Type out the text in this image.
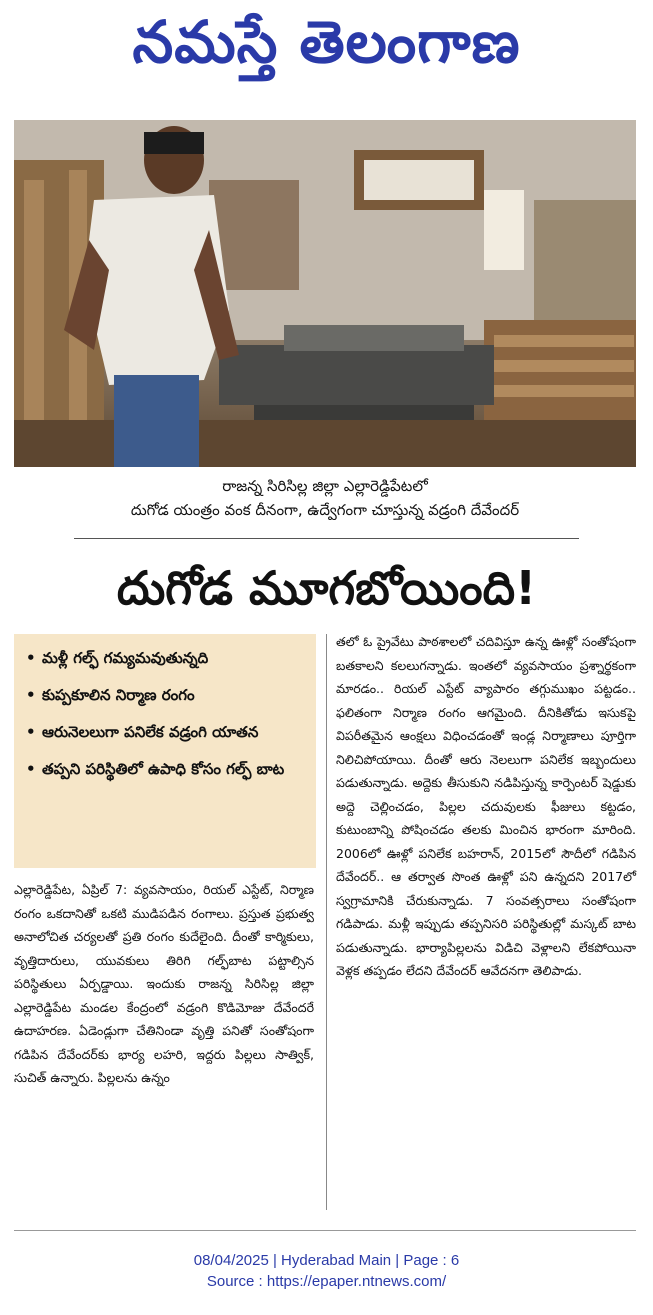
నమస్తే తెలంగాణ
రాజన్న సిరిసిల్ల జిల్లా ఎల్లారెడ్డిపేటలో
దుగోడ యంత్రం వంక దీనంగా, ఉద్వేగంగా చూస్తున్న వడ్రంగి దేవేందర్
దుగోడ మూగబోయింది!
• మళ్లీ గల్ఫ్ గమ్యమవుతున్నది
• కుప్పకూలిన నిర్మాణ రంగం
• ఆరునెలలుగా పనిలేక వడ్రంగి యాతన
• తప్పని పరిస్థితిలో ఉపాధి కోసం గల్ఫ్ బాట

ఎల్లారెడ్డిపేట, ఏప్రిల్ 7: వ్యవసాయం, రియల్ ఎస్టేట్, నిర్మాణ రంగం ఒకదానితో ఒకటి ముడిపడిన రంగాలు. ప్రస్తుత ప్రభుత్వ అనాలోచిత చర్యలతో ప్రతి రంగం కుదేలైంది. దీంతో కార్మికులు, వృత్తిదారులు, యువకులు తిరిగి గల్ఫ్‌బాట పట్టాల్సిన పరిస్థితులు ఏర్పడ్డాయి. ఇందుకు రాజన్న సిరిసిల్ల జిల్లా ఎల్లారెడ్డిపేట మండల కేంద్రంలో వడ్రంగి కొడిమోజు దేవేందరే ఉదాహరణ. ఏడెండ్లుగా చేతినిండా వృత్తి పనితో సంతోషంగా గడిపిన దేవేందర్‌కు భార్య లహరి, ఇద్దరు పిల్లలు సాత్విక్, సుచిత్ ఉన్నారు. పిల్లలను ఉన్నం

తలో ఓ ప్రైవేటు పాఠశాలలో చదివిస్తూ ఉన్న ఊళ్లో సంతోషంగా బతకాలని కలలుగన్నాడు. ఇంతలో వ్యవసాయం ప్రశ్నార్థకంగా మారడం.. రియల్ ఎస్టేట్ వ్యాపారం తగ్గుముఖం పట్టడం.. ఫలితంగా నిర్మాణ రంగం ఆగమైంది. దీనికితోడు ఇసుకపై విపరీతమైన ఆంక్షలు విధించడంతో ఇండ్ల నిర్మాణాలు పూర్తిగా నిలిచిపోయాయి. దీంతో ఆరు నెలలుగా పనిలేక ఇబ్బందులు పడుతున్నాడు. అద్దెకు తీసుకుని నడిపిస్తున్న కార్పెంటర్ షెడ్డుకు అద్దె చెల్లించడం, పిల్లల చదువులకు ఫీజులు కట్టడం, కుటుంబాన్ని పోషించడం తలకు మించిన భారంగా మారింది. 2006లో ఊళ్లో పనిలేక బహరాన్, 2015లో సౌదీలో గడిపిన దేవేందర్.. ఆ తర్వాత సొంత ఊళ్లో పని ఉన్నదని 2017లో స్వగ్రామానికి చేరుకున్నాడు. 7 సంవత్సరాలు సంతోషంగా గడిపాడు. మళ్లీ ఇప్పుడు తప్పనిసరి పరిస్థితుల్లో మస్కట్ బాట పడుతున్నాడు. భార్యాపిల్లలను విడిచి వెళ్లాలని లేకపోయినా వెళ్లక తప్పడం లేదని దేవేందర్ ఆవేదనగా తెలిపాడు.

08/04/2025 | Hyderabad Main | Page : 6
Source : https://epaper.ntnews.com/
